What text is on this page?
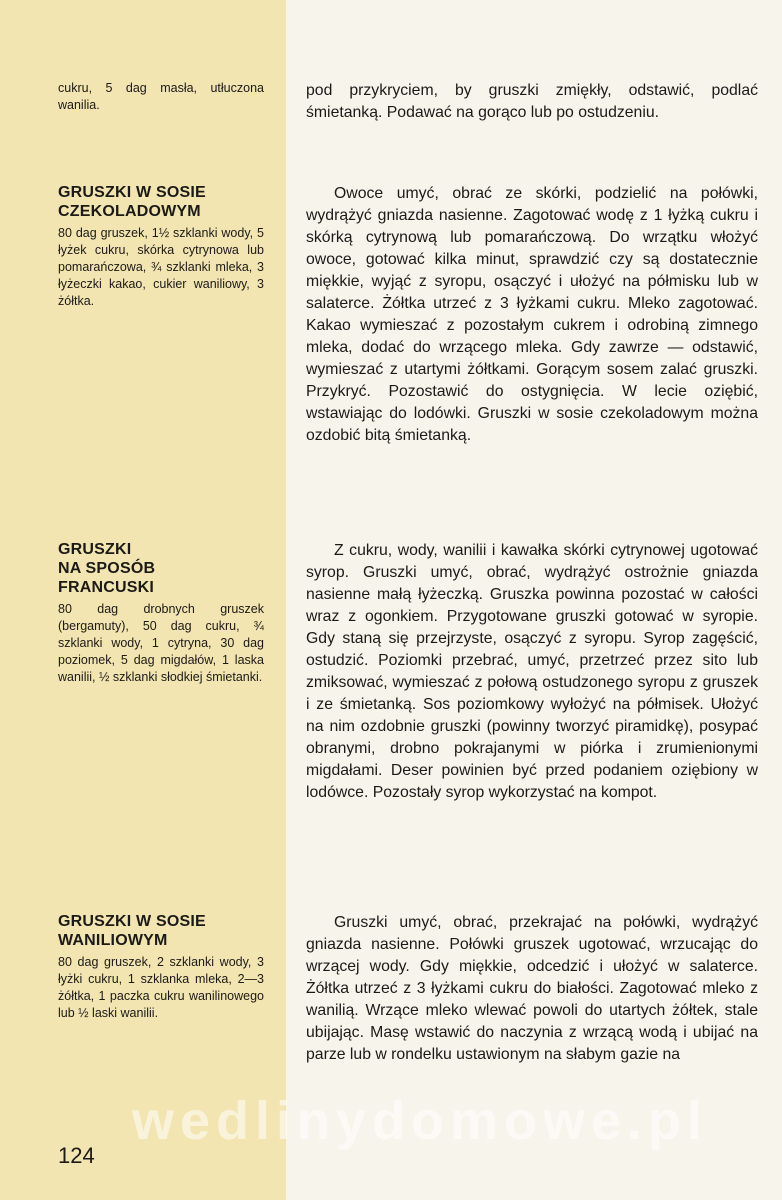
cukru, 5 dag masła, utłuczona wanilia.

GRUSZKI W SOSIE
CZEKOLADOWYM

80 dag gruszek, 1½ szklanki wody, 5 łyżek cukru, skórka cytrynowa lub pomarańczowa, ¾ szklanki mleka, 3 łyżeczki kakao, cukier waniliowy, 3 żółtka.

GRUSZKI
NA SPOSÓB
FRANCUSKI

80 dag drobnych gruszek (bergamuty), 50 dag cukru, ¾ szklanki wody, 1 cytryna, 30 dag poziomek, 5 dag migdałów, 1 laska wanilii, ½ szklanki słodkiej śmietanki.

GRUSZKI W SOSIE
WANILIOWYM

80 dag gruszek, 2 szklanki wody, 3 łyżki cukru, 1 szklanka mleka, 2—3 żółtka, 1 paczka cukru wanilinowego lub ½ laski wanilii.

pod przykryciem, by gruszki zmiękły, odstawić, podlać śmietanką. Podawać na gorąco lub po ostudzeniu.

Owoce umyć, obrać ze skórki, podzielić na połówki, wydrążyć gniazda nasienne. Zagotować wodę z 1 łyżką cukru i skórką cytrynową lub pomarańczową. Do wrzątku włożyć owoce, gotować kilka minut, sprawdzić czy są dostatecznie miękkie, wyjąć z syropu, osączyć i ułożyć na półmisku lub w salaterce. Żółtka utrzeć z 3 łyżkami cukru. Mleko zagotować. Kakao wymieszać z pozostałym cukrem i odrobiną zimnego mleka, dodać do wrzącego mleka. Gdy zawrze — odstawić, wymieszać z utartymi żółtkami. Gorącym sosem zalać gruszki. Przykryć. Pozostawić do ostygnięcia. W lecie oziębić, wstawiając do lodówki. Gruszki w sosie czekoladowym można ozdobić bitą śmietanką.

Z cukru, wody, wanilii i kawałka skórki cytrynowej ugotować syrop. Gruszki umyć, obrać, wydrążyć ostrożnie gniazda nasienne małą łyżeczką. Gruszka powinna pozostać w całości wraz z ogonkiem. Przygotowane gruszki gotować w syropie. Gdy staną się przejrzyste, osączyć z syropu. Syrop zagęścić, ostudzić. Poziomki przebrać, umyć, przetrzeć przez sito lub zmiksować, wymieszać z połową ostudzonego syropu z gruszek i ze śmietanką. Sos poziomkowy wyłożyć na półmisek. Ułożyć na nim ozdobnie gruszki (powinny tworzyć piramidkę), posypać obranymi, drobno pokrajanymi w piórka i zrumienionymi migdałami. Deser powinien być przed podaniem oziębiony w lodówce. Pozostały syrop wykorzystać na kompot.

Gruszki umyć, obrać, przekrajać na połówki, wydrążyć gniazda nasienne. Połówki gruszek ugotować, wrzucając do wrzącej wody. Gdy miękkie, odcedzić i ułożyć w salaterce. Żółtka utrzeć z 3 łyżkami cukru do białości. Zagotować mleko z wanilią. Wrzące mleko wlewać powoli do utartych żółtek, stale ubijając. Masę wstawić do naczynia z wrzącą wodą i ubijać na parze lub w rondelku ustawionym na słabym gazie na

wedlinydomowe.pl

124
